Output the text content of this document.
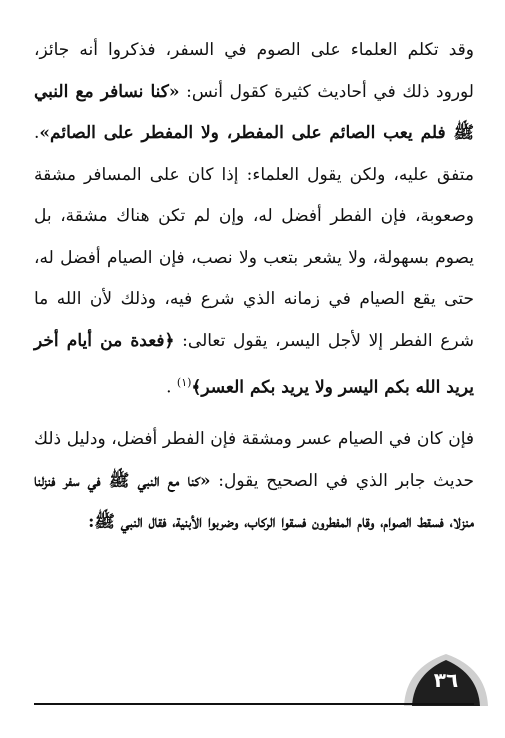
وقد تكلم العلماء على الصوم في السفر، فذكروا أنه جائز، لورود ذلك في أحاديث كثيرة كقول أنس: «كنا نسافر مع النبي ﷺ فلم يعب الصائم على المفطر، ولا المفطر على الصائم». متفق عليه، ولكن يقول العلماء: إذا كان على المسافر مشقة وصعوبة، فإن الفطر أفضل له، وإن لم تكن هناك مشقة، بل يصوم بسهولة، ولا يشعر بتعب ولا نصب، فإن الصيام أفضل له، حتى يقع الصيام في زمانه الذي شرع فيه، وذلك لأن الله ما شرع الفطر إلا لأجل اليسر، يقول تعالى: ﴿فعدة من أيام أخر يريد الله بكم اليسر ولا يريد بكم العسر﴾$^{(١)}$ .

فإن كان في الصيام عسر ومشقة فإن الفطر أفضل، ودليل ذلك حديث جابر الذي في الصحيح يقول: «كنا مع النبي ﷺ في سفر فنزلنا منزلا، فسقط الصوام، وقام المفطرون فسقوا الركاب، وضربوا الأبنية، فقال النبي ﷺ:

٣٦
